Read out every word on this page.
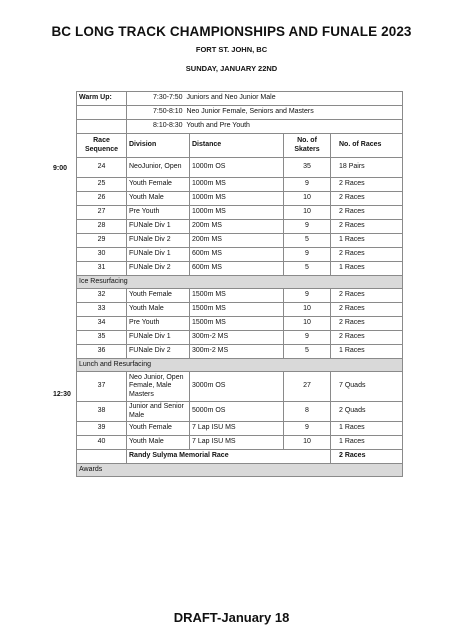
BC LONG TRACK CHAMPIONSHIPS AND FUNALE 2023
FORT ST. JOHN, BC
SUNDAY, JANUARY 22ND
9:00
12:30
Warm Up:	7:30-7:50 Juniors and Neo Junior Male			
	7:50-8:10 Neo Junior Female, Seniors and Masters			
	8:10-8:30 Youth and Pre Youth			
Race Sequence	Division	Distance	No. of Skaters	No. of Races
24	NeoJunior, Open	1000m OS	35	18 Pairs
25	Youth Female	1000m MS	9	2 Races
26	Youth Male	1000m MS	10	2 Races
27	Pre Youth	1000m MS	10	2 Races
28	FUNale Div 1	200m MS	9	2 Races
29	FUNale Div 2	200m MS	5	1 Races
30	FUNale Div 1	600m MS	9	2 Races
31	FUNale Div 2	600m MS	5	1 Races
Ice Resurfacing				
32	Youth Female	1500m MS	9	2 Races
33	Youth Male	1500m MS	10	2 Races
34	Pre Youth	1500m MS	10	2 Races
35	FUNale Div 1	300m-2 MS	9	2 Races
36	FUNale Div 2	300m-2 MS	5	1 Races
Lunch and Resurfacing				
37	Neo Junior, Open Female, Male Masters	3000m OS	27	7 Quads
38	Junior and Senior Male	5000m OS	8	2 Quads
39	Youth Female	7 Lap ISU MS	9	1 Races
40	Youth Male	7 Lap ISU MS	10	1 Races
	Randy Sulyma Memorial Race			2 Races
Awards				
DRAFT-January 18
